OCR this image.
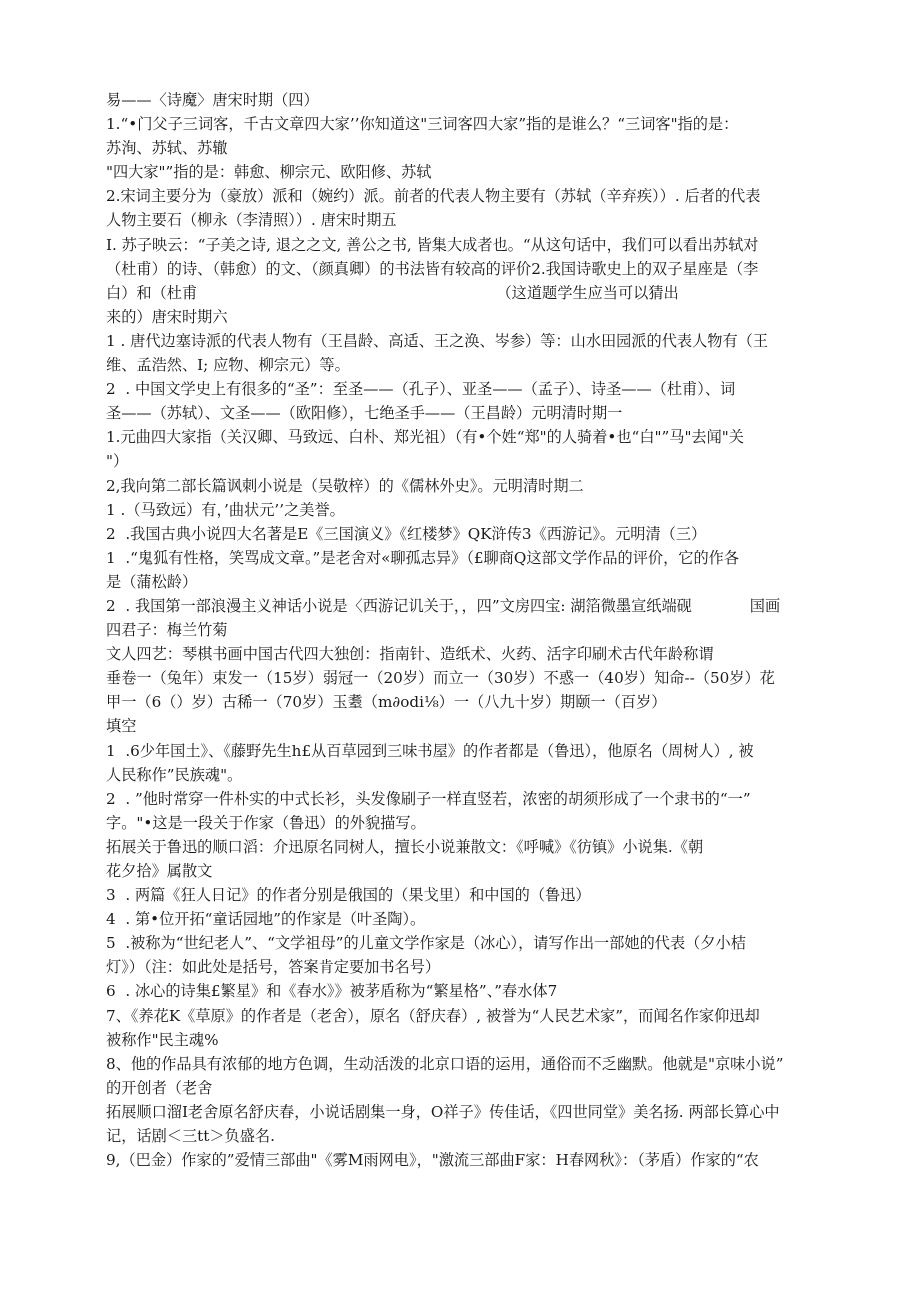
易——〈诗魔〉唐宋时期（四）
1.“•门父子三词客，千古文章四大家’’你知道这"三词客四大家”指的是谁么？“三词客"指的是：
苏洵、苏轼、苏辙
"四大家"”指的是：韩愈、柳宗元、欧阳修、苏轼
2.宋词主要分为（豪放）派和（婉约）派。前者的代表人物主要有（苏轼（辛弃疾））. 后者的代表
人物主要石（柳永（李清照））. 唐宋时期五
I. 苏子映云：“子美之诗, 退之之文, 善公之书, 皆集大成者也。“从这句话中，我们可以看出苏轼对
（杜甫）的诗、（韩愈）的文、（颜真卿）的书法皆有较高的评价2.我国诗歌史上的双子星座是（李
白）和（杜甫                                                              （这道题学生应当可以猜出
来的）唐宋时期六
1 . 唐代边塞诗派的代表人物有（王昌龄、高适、王之涣、岑参）等：山水田园派的代表人物有（王
维、孟浩然、I; 应物、柳宗元）等。
2  . 中国文学史上有很多的“圣”：至圣——（孔子）、亚圣——（孟子）、诗圣——（杜甫）、词
圣——（苏轼）、文圣——（欧阳修），七绝圣手——（王昌龄）元明清时期一
1.元曲四大家指（关汉卿、马致远、白朴、郑光祖）（有•个姓“郑"的人骑着•也“白"”马"去闻"关
"）
2,我向第二部长篇讽刺小说是（吴敬梓）的《儒林外史》。元明清时期二
1 .（马致远）有，’曲状元’’之美誉。
2  .我国古典小说四大名著是E《三国演义》《红楼梦》QK浒传3《西游记》。元明清（三）
1  .“鬼狐有性格，笑骂成文章。”是老舍对«聊孤志异》（£聊商Q这部文学作品的评价，它的作各
是（蒲松龄）
2  . 我国第一部浪漫主义神话小说是〈西游记讥关于，，四”文房四宝: 湖箔微墨宣纸端砚            国画
四君子：梅兰竹菊
文人四艺：琴棋书画中国古代四大独创：指南针、造纸术、火药、活字印刷术古代年龄称谓
垂卷一（兔年）束发一（15岁）弱冠一（20岁）而立一（30岁）不惑一（40岁）知命--（50岁）花
甲一（6（）岁）古稀一（70岁）玉耋（m∂odi⅛）一（八九十岁）期颐一（百岁）
填空
1  .6少年国土》、《藤野先生h£从百草园到三味书屋》的作者都是（鲁迅），他原名（周树人）, 被
人民称作”民族魂"。
2  . ”他时常穿一件朴实的中式长衫，头发像刷子一样直竖若，浓密的胡须形成了一个隶书的“一”
字。"•这是一段关于作家（鲁迅）的外貌描写。
拓展关于鲁迅的顺口滔：介迅原名同树人，擅长小说兼散文：《呼喊》《彷镇》小说集.《朝
花夕拾》属散文
3  . 两篇《狂人日记》的作者分别是俄国的（果戈里）和中国的（鲁迅）
4  . 第•位开拓“童话园地”的作家是（叶圣陶）。
5  .被称为“世纪老人”、“文学祖母”的儿童文学作家是（冰心），请写作出一部她的代表（夕小桔
灯》）（注：如此处是括号，答案肯定要加书名号）
6  . 冰心的诗集£繁星》和《春水》》被茅盾称为“繁星格”、”春水体7
7、《养花K《草原》的作者是（老舍），原名（舒庆春）, 被誉为“人民艺术家”，而闻名作家仰迅却
被称作"民主魂%
8、他的作品具有浓郁的地方色调，生动活泼的北京口语的运用，通俗而不乏幽默。他就是"京味小说”
的开创者（老舍
拓展顺口溜I老舍原名舒庆春，小说话剧集一身，O祥子》传佳话，《四世同堂》美名扬. 两部长算心中
记，话剧＜三tt＞负盛名.
9,（巴金）作家的”爱情三部曲"《雾M雨网电》，"激流三部曲F家：H春网秋》：（茅盾）作家的“农
